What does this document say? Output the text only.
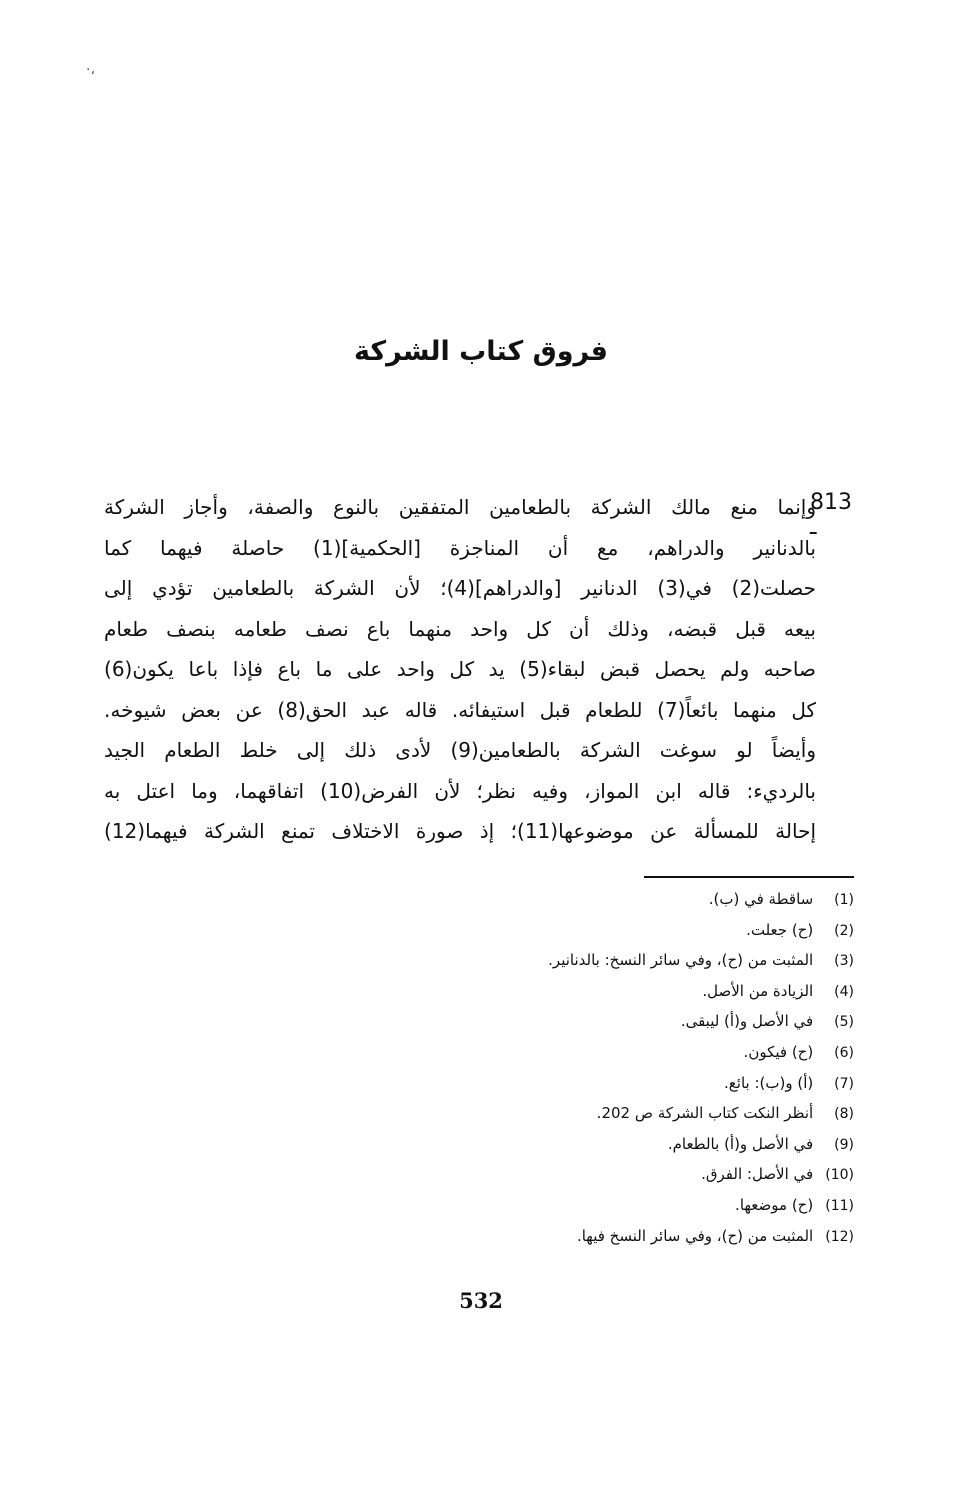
·،
فروق كتاب الشركة
813 ـ
وإنما منع مالك الشركة بالطعامين المتفقين بالنوع والصفة، وأجاز الشركة
بالدنانير والدراهم، مع أن المناجزة [الحكمية](1) حاصلة فيهما كما
حصلت(2) في(3) الدنانير [والدراهم](4)؛ لأن الشركة بالطعامين تؤدي إلى
بيعه قبل قبضه، وذلك أن كل واحد منهما باع نصف طعامه بنصف طعام
صاحبه ولم يحصل قبض لبقاء(5) يد كل واحد على ما باع فإذا باعا يكون(6)
كل منهما بائعاً(7) للطعام قبل استيفائه. قاله عبد الحق(8) عن بعض شيوخه.
وأيضاً لو سوغت الشركة بالطعامين(9) لأدى ذلك إلى خلط الطعام الجيد
بالرديء: قاله ابن المواز، وفيه نظر؛ لأن الفرض(10) اتفاقهما، وما اعتل به
إحالة للمسألة عن موضوعها(11)؛ إذ صورة الاختلاف تمنع الشركة فيهما(12)
(1) ساقطة في (ب).
(2) (ح) جعلت.
(3) المثبت من (ح)، وفي سائر النسخ: بالدنانير.
(4) الزيادة من الأصل.
(5) في الأصل و(أ) ليبقى.
(6) (ح) فيكون.
(7) (أ) و(ب): بائع.
(8) أنظر النكت كتاب الشركة ص 202.
(9) في الأصل و(أ) بالطعام.
(10) في الأصل: الفرق.
(11) (ح) موضعها.
(12) المثبت من (ح)، وفي سائر النسخ فيها.
532
